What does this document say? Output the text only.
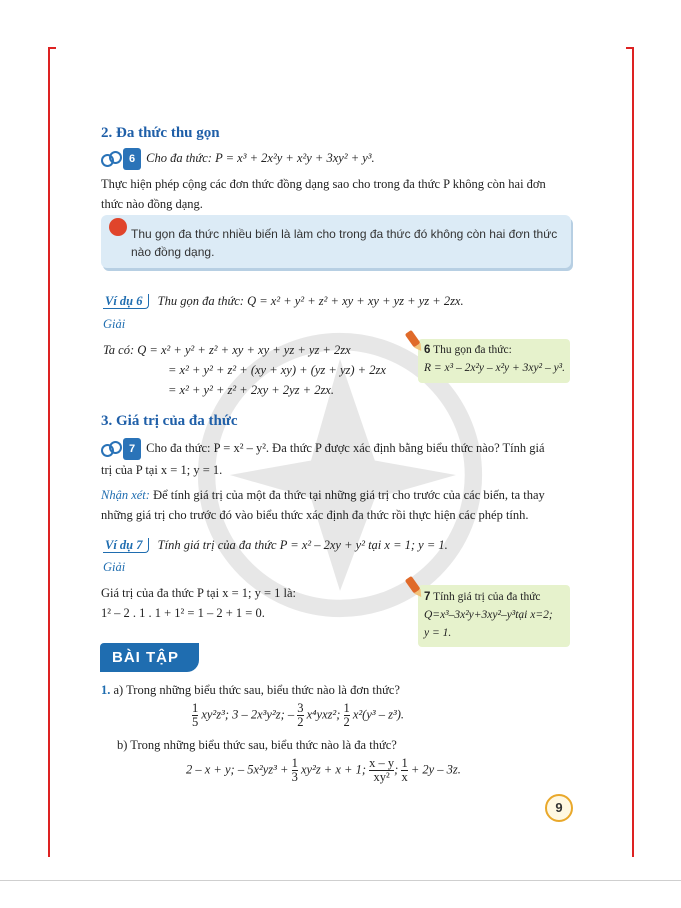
2. Đa thức thu gọn
6 Cho đa thức: P = x³ + 2x²y + x²y + 3xy² + y³.
Thực hiện phép cộng các đơn thức đồng dạng sao cho trong đa thức P không còn hai đơn
thức nào đồng dạng.
Thu gọn đa thức nhiều biến là làm cho trong đa thức đó không còn hai đơn thức
nào đồng dạng.
Ví dụ 6 Thu gọn đa thức: Q = x² + y² + z² + xy + xy + yz + yz + 2zx.
Giải
Ta có: Q = x² + y² + z² + xy + xy + yz + yz + 2zx
= x² + y² + z² + (xy + xy) + (yz + yz) + 2zx
= x² + y² + z² + 2xy + 2yz + 2zx.
6 Thu gọn đa thức:
R = x³ – 2x²y – x²y + 3xy² – y³.
3. Giá trị của đa thức
7 Cho đa thức: P = x² – y². Đa thức P được xác định bằng biểu thức nào? Tính giá
trị của P tại x = 1; y = 1.
Nhận xét: Để tính giá trị của một đa thức tại những giá trị cho trước của các biến, ta thay
những giá trị cho trước đó vào biểu thức xác định đa thức rồi thực hiện các phép tính.
Ví dụ 7 Tính giá trị của đa thức P = x² – 2xy + y² tại x = 1; y = 1.
Giải
Giá trị của đa thức P tại x = 1; y = 1 là:
1² – 2 . 1 . 1 + 1² = 1 – 2 + 1 = 0.
7 Tính giá trị của đa thức
Q=x³–3x²y+3xy²–y³tại x=2;
y = 1.
BÀI TẬP
1. a) Trong những biểu thức sau, biểu thức nào là đơn thức?
$\frac{1}{5} xy^2z^3$; 3 – 2x³y²z; – $\frac{3}{2} x^4yxz^2$; $\frac{1}{2} x^2(y^3 - z^3)$.
b) Trong những biểu thức sau, biểu thức nào là đa thức?
2 – x + y; – $5x^2yz^3 + \frac{1}{3} xy^2z + x + 1$; $\frac{x - y}{\text{xy²}}$ ; $\frac{1}{x} + 2y - 3z$.
9
